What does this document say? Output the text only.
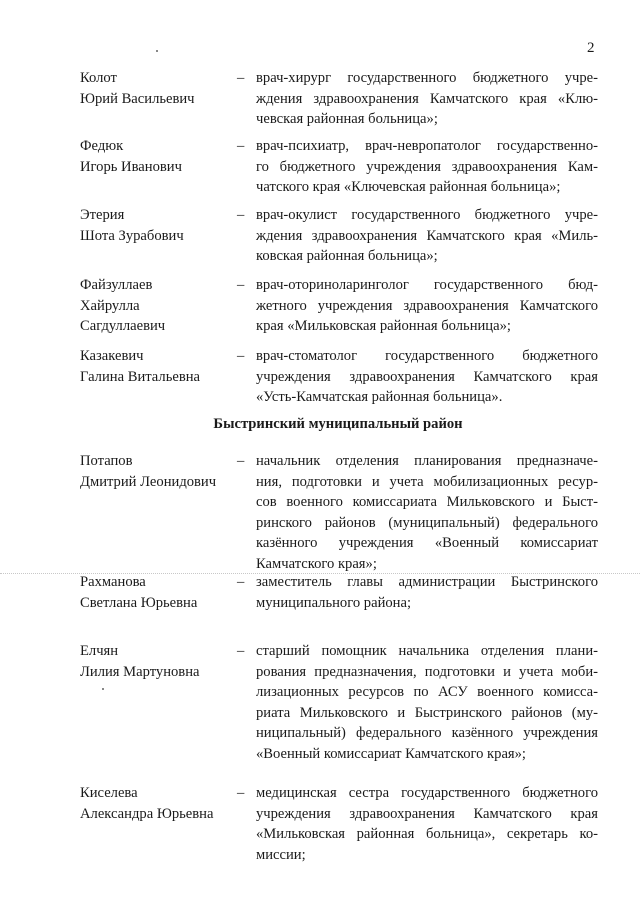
2
Колот
Юрий Васильевич
– врач-хирург государственного бюджетного учре-
ждения здравоохранения Камчатского края «Клю-
чевская районная больница»;
Федюк
Игорь Иванович
– врач-психиатр, врач-невропатолог государственно-
го бюджетного учреждения здравоохранения Кам-
чатского края «Ключевская районная больница»;
Этерия
Шота Зурабович
– врач-окулист государственного бюджетного учре-
ждения здравоохранения Камчатского края «Миль-
ковская районная больница»;
Файзуллаев
Хайрулла
Сагдуллаевич
– врач-оториноларинголог государственного бюд-
жетного учреждения здравоохранения Камчатского
края «Мильковская районная больница»;
Казакевич
Галина Витальевна
– врач-стоматолог государственного бюджетного
учреждения здравоохранения Камчатского края
«Усть-Камчатская районная больница».
Быстринский муниципальный район
Потапов
Дмитрий Леонидович
– начальник отделения планирования предназначе-
ния, подготовки и учета мобилизационных ресур-
сов военного комиссариата Мильковского и Быст-
ринского районов (муниципальный) федерального
казённого учреждения «Военный комиссариат
Камчатского края»;
Рахманова
Светлана Юрьевна
– заместитель главы администрации Быстринского
муниципального района;
Елчян
Лилия Мартуновна
– старший помощник начальника отделения плани-
рования предназначения, подготовки и учета моби-
лизационных ресурсов по АСУ военного комисса-
риата Мильковского и Быстринского районов (му-
ниципальный) федерального казённого учреждения
«Военный комиссариат Камчатского края»;
Киселева
Александра Юрьевна
– медицинская сестра государственного бюджетного
учреждения здравоохранения Камчатского края
«Мильковская районная больница», секретарь ко-
миссии;
